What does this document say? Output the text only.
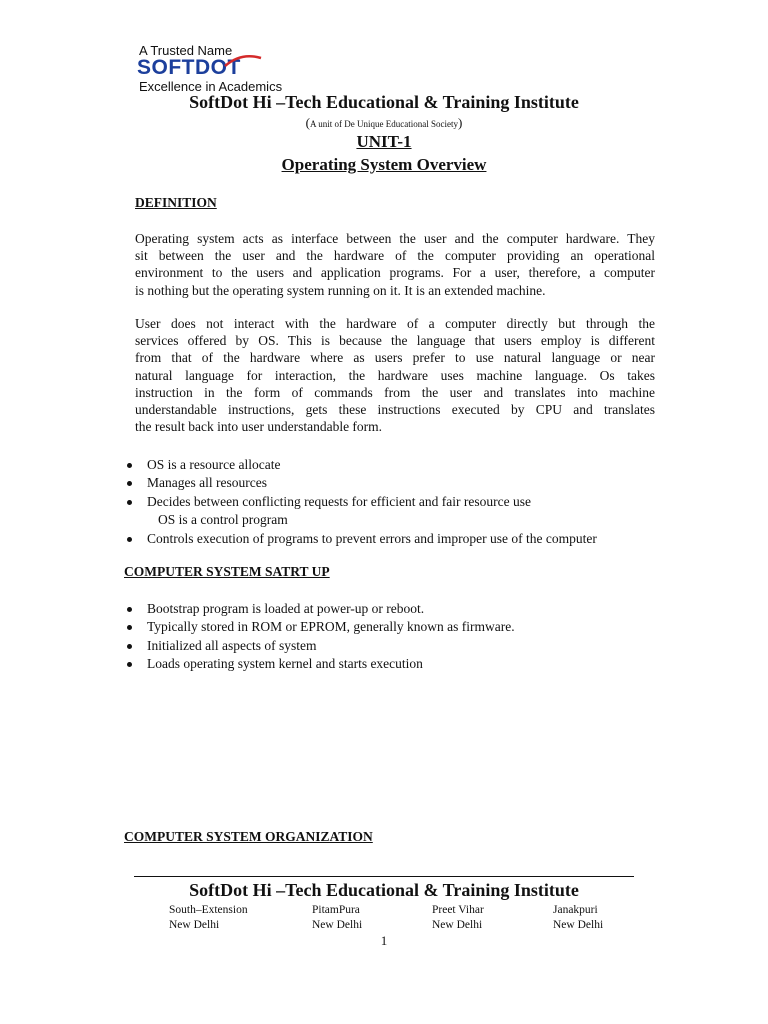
A Trusted Name
SOFTDOT
Excellence in Academics
SoftDot Hi –Tech Educational & Training Institute
(A unit of De Unique Educational Society)
UNIT-1
Operating System Overview
DEFINITION
Operating system acts as interface between the user and the computer hardware. They
sit between the user and the hardware of the computer providing an operational
environment to the users and application programs. For a user, therefore, a computer
is nothing but the operating system running on it. It is an extended machine.
User does not interact with the hardware of a computer directly but through the
services offered by OS. This is because the language that users employ is different
from that of the hardware where as users prefer to use natural language or near
natural language for interaction, the hardware uses machine language. Os takes
instruction in the form of commands from the user and translates into machine
understandable instructions, gets these instructions executed by CPU and translates
the result back into user understandable form.
OS is a resource allocate
Manages all resources
Decides between conflicting requests for efficient and fair resource use
OS is a control program
Controls execution of programs to prevent errors and improper use of the computer
COMPUTER SYSTEM SATRT UP
Bootstrap program is loaded at power-up or reboot.
Typically stored in ROM or EPROM, generally known as firmware.
Initialized all aspects of system
Loads operating system kernel and starts execution
COMPUTER SYSTEM ORGANIZATION
SoftDot Hi –Tech Educational & Training Institute
South–Extension
New Delhi
PitamPura
New Delhi
Preet Vihar
New Delhi
Janakpuri
New Delhi
1
